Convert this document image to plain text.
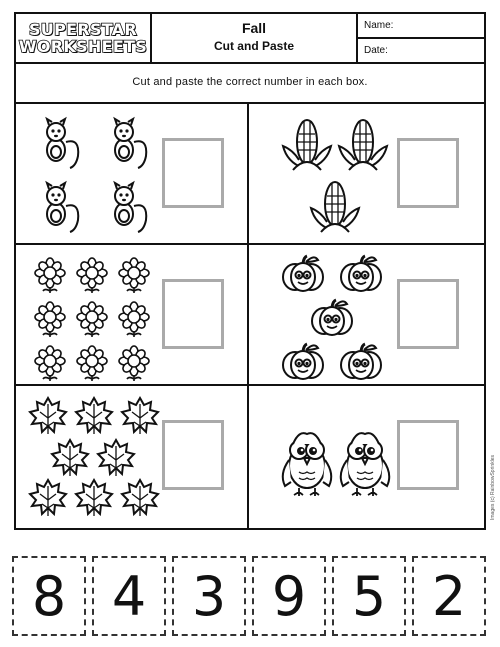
SUPERSTAR
WORKSHEETS
Fall
Cut and Paste
Name:
Date:
Cut and paste the correct number in each box.
Images (c) RainbowSprinkles
8 4 3 9 5 2
